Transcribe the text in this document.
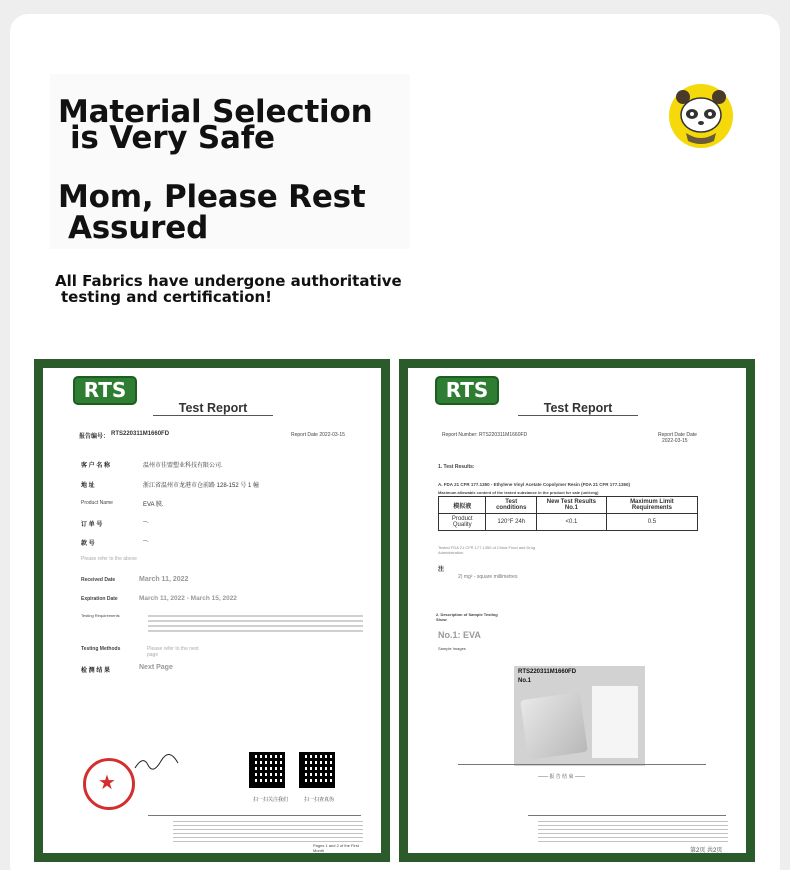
Material Selection
is Very Safe
Mom, Please Rest
Assured
All Fabrics have undergone authoritative
testing and certification!
RTS
Test Report
报告编号： RTS220311M1660FD	Report Date 2022-03-15
客 户 名 称	温州市佳盟塑业科技有限公司.
地 址	浙江省温州市龙港市仓前路 128-152 号 1 幢
Product Name	EVA 膜.
订 单 号	--.
款 号	--.
Please refer to the above
Received Date	March 11, 2022
Expiration Date	March 11, 2022 - March 15, 2022
Testing Requirements
Testing Methods	Please refer to the next page
检 测 结 果	Next Page
★
扫一扫关注我们	扫一扫查真伪
Pages 1 and 2 of the First Month
RTS
Test Report
Report Number: RTS220311M1660FD	Report Date Date
2022-03-15
1. Test Results:
A. FDA 21 CFR 177.1350 - Ethylene Vinyl Acetate Copolymer Resin (FDA 21 CFR 177.1350)
Maximum allowable content of the tested substance in the product for sale (unit:mg)
模拟液	Test conditions	New Test Results No.1	Maximum Limit Requirements
Product Quality	120°F 24h	<0.1	0.5
Tested FDA 21 CFR 177.1350 of China Food and Drug Administration
注
2) mg² - square millimetres
2. Description of Sample Testing Show
No.1: EVA
Sample Images
RTS220311M1660FD
No.1
—— 报 告 结 束 ——
第2页 共2页
